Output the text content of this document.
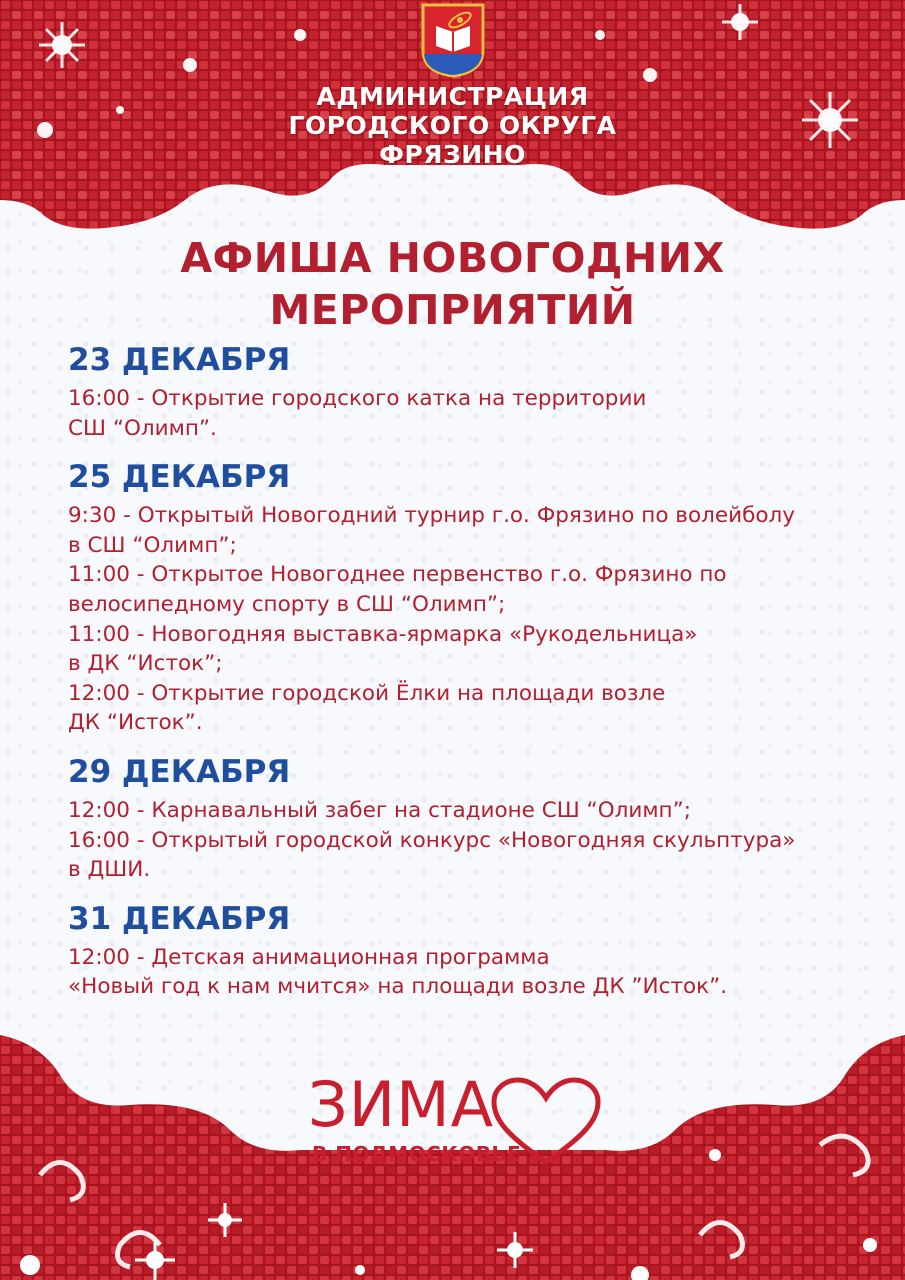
АДМИНИСТРАЦИЯ
ГОРОДСКОГО ОКРУГА
ФРЯЗИНО
АФИША НОВОГОДНИХ
МЕРОПРИЯТИЙ
23 ДЕКАБРЯ
16:00 - Открытие городского катка на территории
СШ “Олимп”.
25 ДЕКАБРЯ
9:30 - Открытый Новогодний турнир г.о. Фрязино по волейболу
в СШ “Олимп”;
11:00 - Открытое Новогоднее первенство г.о. Фрязино по
велосипедному спорту в СШ “Олимп”;
11:00 - Новогодняя выставка-ярмарка «Рукодельница»
в ДК “Исток”;
12:00 - Открытие городской Ёлки на площади возле
ДК “Исток”.
29 ДЕКАБРЯ
12:00 - Карнавальный забег на стадионе СШ “Олимп”;
16:00 - Открытый городской конкурс «Новогодняя скульптура»
в ДШИ.
31 ДЕКАБРЯ
12:00 - Детская анимационная программа
«Новый год к нам мчится» на площади возле ДК ”Исток”.
ЗИМА
В ПОДМОСКОВЬЕ
